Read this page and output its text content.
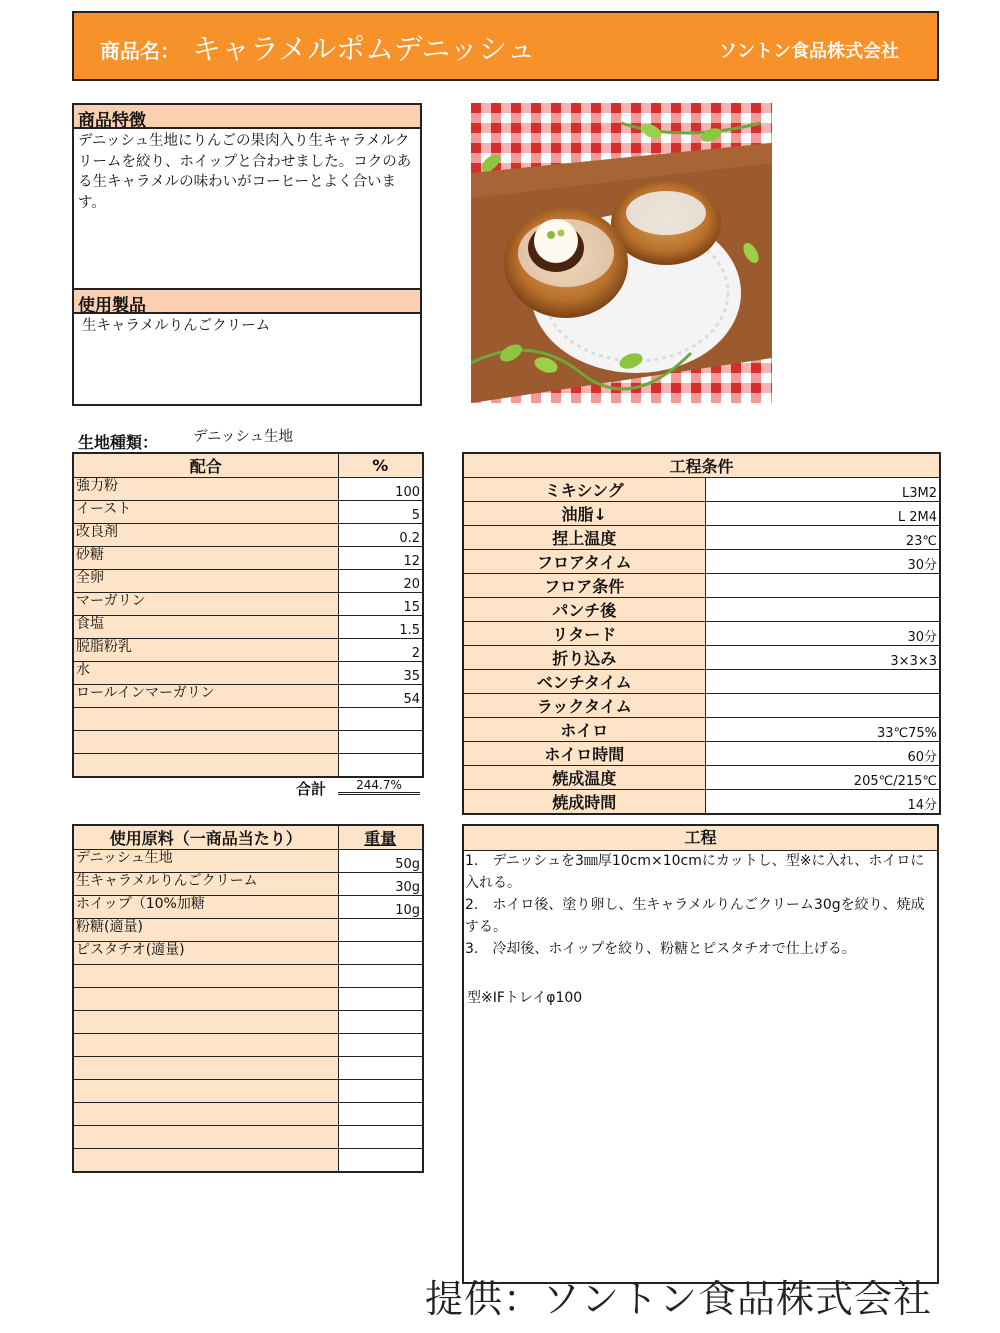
商品名： キャラメルポムデニッシュ	ソントン食品株式会社
商品特徴
デニッシュ生地にりんごの果肉入り生キャラメルクリームを絞り、ホイップと合わせました。コクのある生キャラメルの味わいがコーヒーとよく合います。
使用製品
生キャラメルりんごクリーム
生地種類： デニッシュ生地
配合	%
強力粉	100
イースト	5
改良剤	0.2
砂糖	12
全卵	20
マーガリン	15
食塩	1.5
脱脂粉乳	2
水	35
ロールインマーガリン	54

合計	244.7%
工程条件	
ミキシング	L3M2
油脂↓	L 2M4
捏上温度	23℃
フロアタイム	30分
フロア条件	
パンチ後	
リタード	30分
折り込み	3×3×3
ベンチタイム	
ラックタイム	
ホイロ	33℃75%
ホイロ時間	60分
焼成温度	205℃/215℃
焼成時間	14分
使用原料（一商品当たり）	重量
デニッシュ生地	50g
生キャラメルりんごクリーム	30g
ホイップ（10%加糖	10g
粉糖(適量)	
ピスタチオ(適量)	

工程

1.　デニッシュを3㎜厚10cm×10cmにカットし、型※に入れ、ホイロに入れる。

2.　ホイロ後、塗り卵し、生キャラメルりんごクリーム30gを絞り、焼成する。

3.　冷却後、ホイップを絞り、粉糖とピスタチオで仕上げる。

型※IFトレイφ100
提供：ソントン食品株式会社
